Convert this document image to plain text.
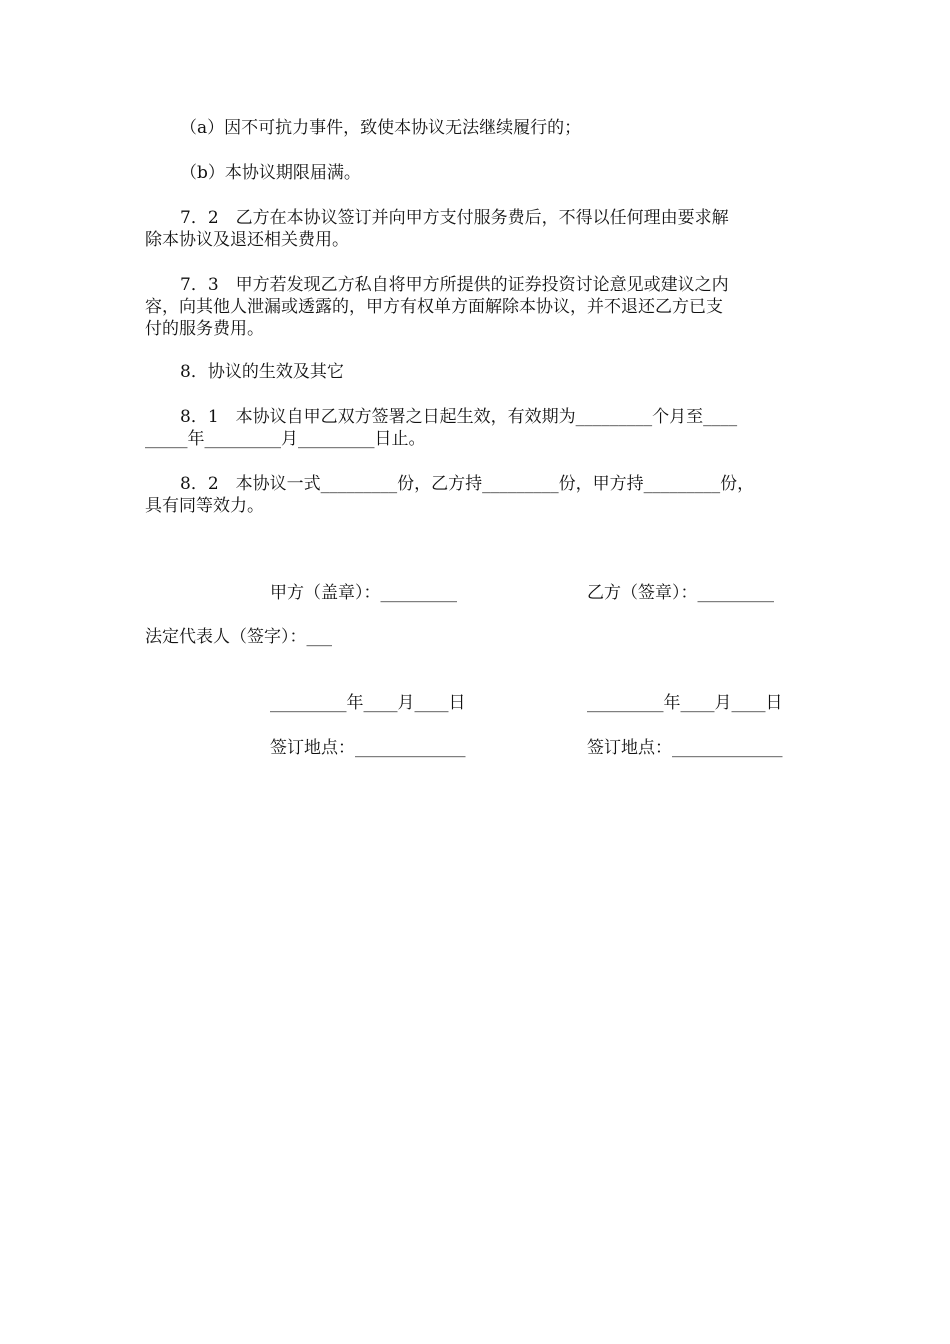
（a）因不可抗力事件，致使本协议无法继续履行的；
（b）本协议期限届满。
7．2　乙方在本协议签订并向甲方支付服务费后，不得以任何理由要求解
除本协议及退还相关费用。
7．3　甲方若发现乙方私自将甲方所提供的证券投资讨论意见或建议之内
容，向其他人泄漏或透露的，甲方有权单方面解除本协议，并不退还乙方已支
付的服务费用。
8．协议的生效及其它
8．1　本协议自甲乙双方签署之日起生效，有效期为_________个月至____
_____年_________月_________日止。
8．2　本协议一式_________份，乙方持_________份，甲方持_________份，
具有同等效力。
甲方（盖章）：_________	乙方（签章）：_________
法定代表人（签字）：___
_________年____月____日	_________年____月____日
签订地点：_____________	签订地点：_____________
